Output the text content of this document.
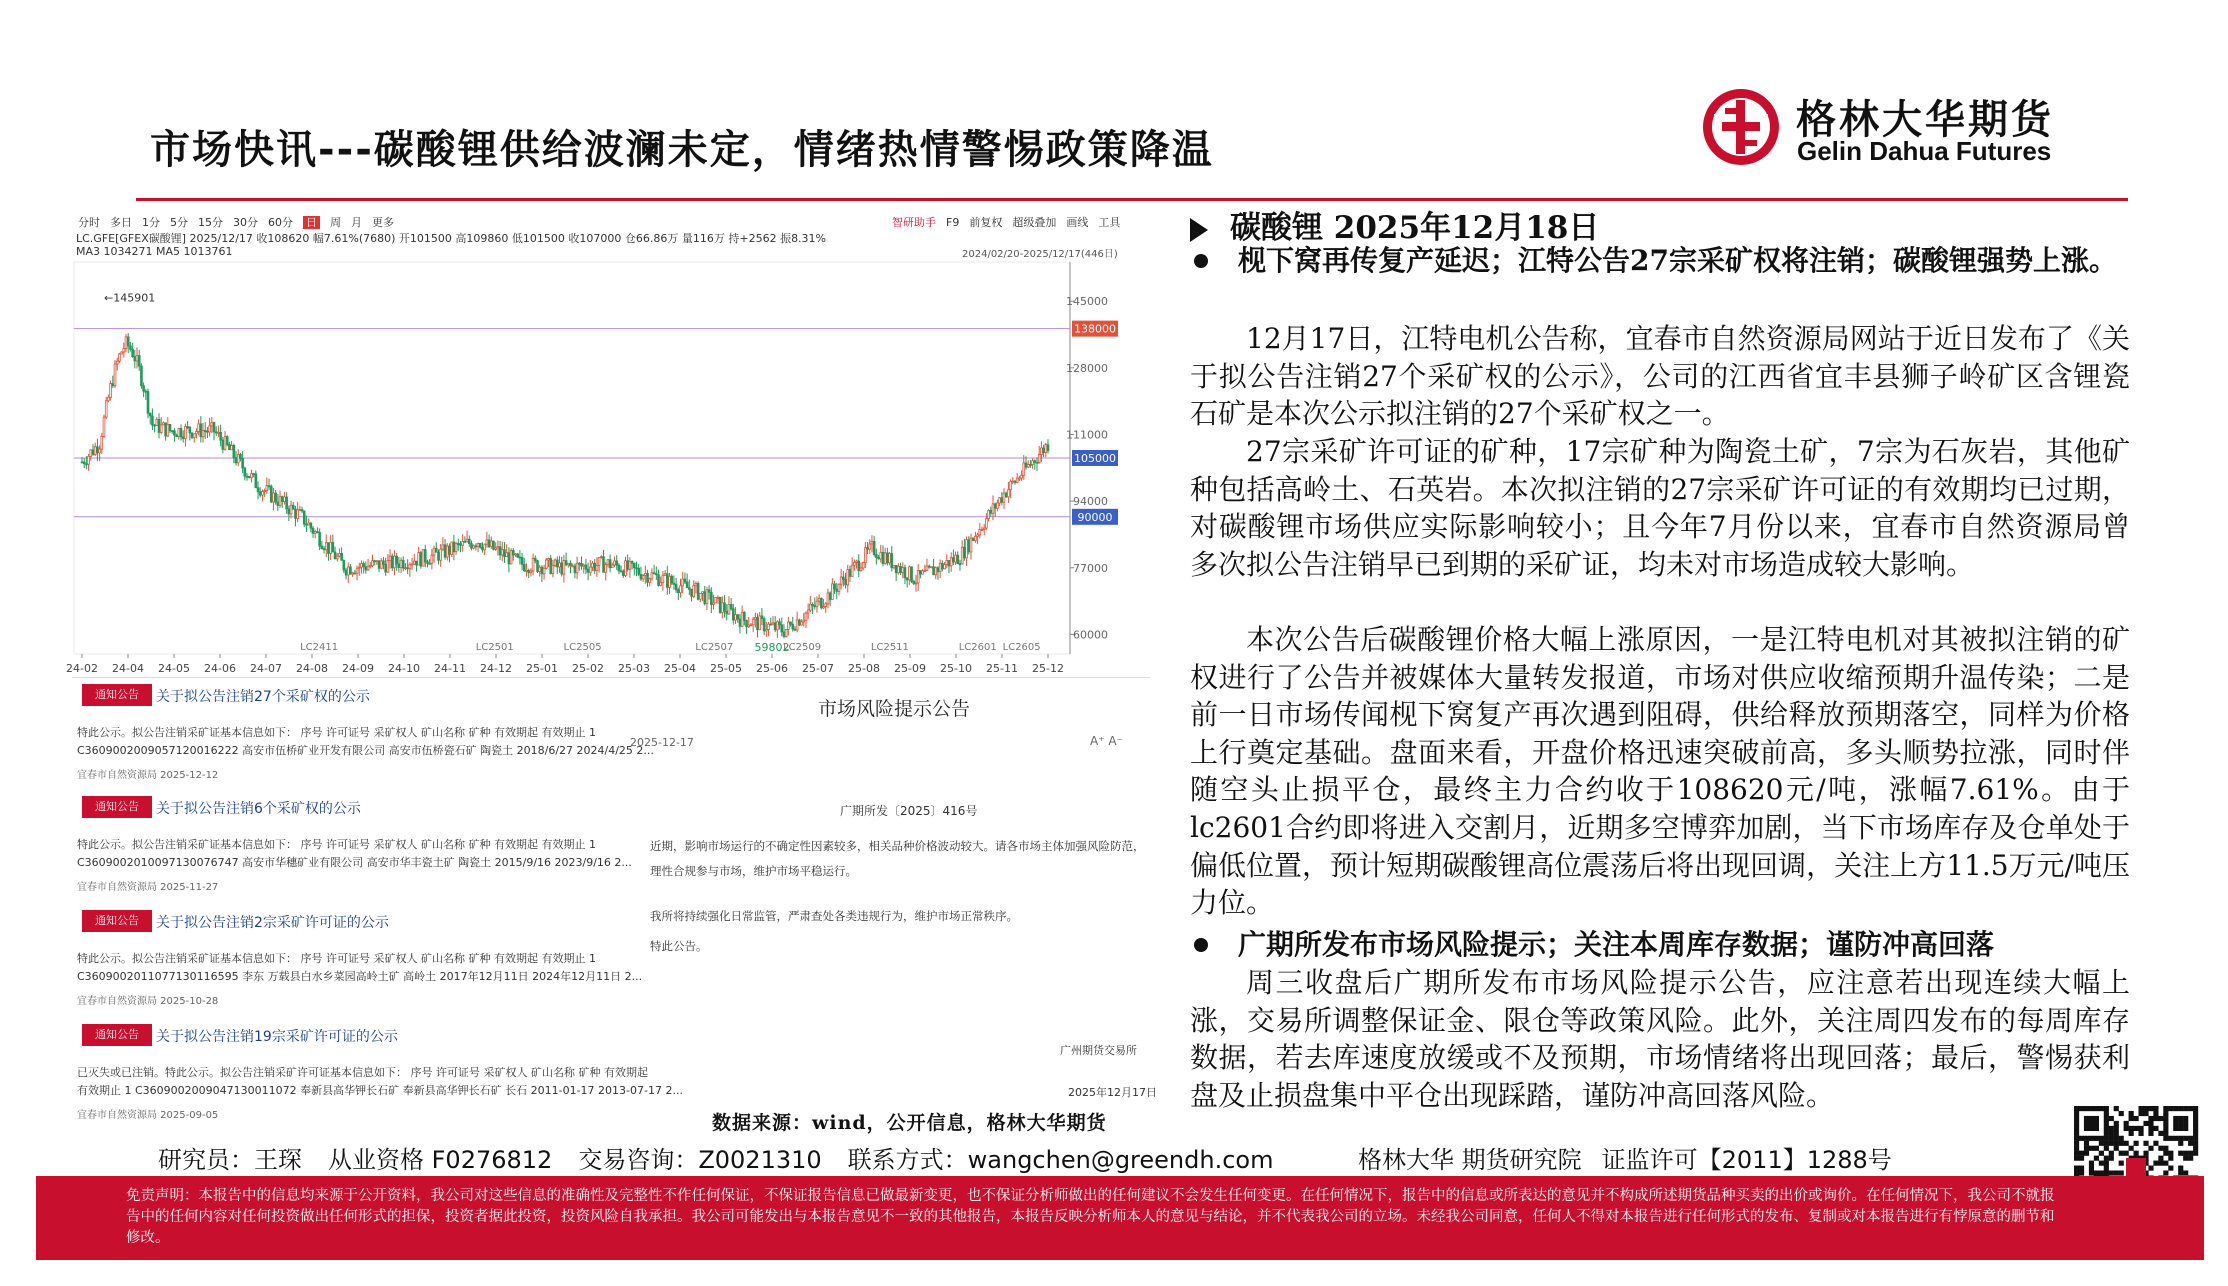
市场快讯---碳酸锂供给波澜未定，情绪热情警惕政策降温
格林大华期货
Gelin Dahua Futures
分时 多日 1分 5分 15分 30分 60分 日 周 月 更多	智研助手 F9 前复权 超级叠加 画线 工具
LC.GFE[GFEX碳酸锂] 2025/12/17 收108620 幅7.61%(7680) 开101500 高109860 低101500 收107000 仓66.86万 量116万 持+2562 振8.31%
MA3 1034271 MA5 1013761	2024/02/20-2025/12/17(446日)
60000
77000
94000
111000
128000
145000
138000
105000
90000
24-02 24-04 24-05 24-06 24-07 24-08 24-09 24-10 24-11 24-12 25-01 25-02 25-03 25-04 25-05 25-06 25-07 25-08 25-09 25-10 25-11 25-12
←145901
59802
LC2411	LC2501	LC2505	LC2507	LC2509	LC2511	LC2601 LC2605
通知公告	关于拟公告注销27个采矿权的公示
特此公示。拟公告注销采矿证基本信息如下： 序号 许可证号 采矿权人 矿山名称 矿种 有效期起 有效期止 1
C3609002009057120016222 高安市伍桥矿业开发有限公司 高安市伍桥瓷石矿 陶瓷土 2018/6/27 2024/4/25 2...
宜春市自然资源局 2025-12-12
通知公告	关于拟公告注销6个采矿权的公示
特此公示。拟公告注销采矿证基本信息如下： 序号 许可证号 采矿权人 矿山名称 矿种 有效期起 有效期止 1
C3609002010097130076747 高安市华穗矿业有限公司 高安市华丰瓷土矿 陶瓷土 2015/9/16 2023/9/16 2...
宜春市自然资源局 2025-11-27
通知公告	关于拟公告注销2宗采矿许可证的公示
特此公示。拟公告注销采矿证基本信息如下： 序号 许可证号 采矿权人 矿山名称 矿种 有效期起 有效期止 1
C3609002011077130116595 李东 万载县白水乡菜园高岭土矿 高岭土 2017年12月11日 2024年12月11日 2...
宜春市自然资源局 2025-10-28
通知公告	关于拟公告注销19宗采矿许可证的公示
已灭失或已注销。特此公示。拟公告注销采矿许可证基本信息如下： 序号 许可证号 采矿权人 矿山名称 矿种 有效期起
有效期止 1 C3609002009047130011072 奉新县高华钾长石矿 奉新县高华钾长石矿 长石 2011-01-17 2013-07-17 2...
宜春市自然资源局 2025-09-05
市场风险提示公告
2025-12-17	A⁺ A⁻
广期所发〔2025〕416号
近期，影响市场运行的不确定性因素较多，相关品种价格波动较大。请各市场主体加强风险防范，理性合规参与市场，维护市场平稳运行。
我所将持续强化日常监管，严肃查处各类违规行为，维护市场正常秩序。
特此公告。
广州期货交易所
2025年12月17日
数据来源：wind，公开信息，格林大华期货
碳酸锂 2025年12月18日
枧下窝再传复产延迟；江特公告27宗采矿权将注销；碳酸锂强势上涨。
12月17日，江特电机公告称，宜春市自然资源局网站于近日发布了《关于拟公告注销27个采矿权的公示》，公司的江西省宜丰县狮子岭矿区含锂瓷石矿是本次公示拟注销的27个采矿权之一。
27宗采矿许可证的矿种，17宗矿种为陶瓷土矿，7宗为石灰岩，其他矿种包括高岭土、石英岩。本次拟注销的27宗采矿许可证的有效期均已过期，对碳酸锂市场供应实际影响较小；且今年7月份以来，宜春市自然资源局曾多次拟公告注销早已到期的采矿证，均未对市场造成较大影响。
本次公告后碳酸锂价格大幅上涨原因，一是江特电机对其被拟注销的矿权进行了公告并被媒体大量转发报道，市场对供应收缩预期升温传染；二是前一日市场传闻枧下窝复产再次遇到阻碍，供给释放预期落空，同样为价格上行奠定基础。盘面来看，开盘价格迅速突破前高，多头顺势拉涨，同时伴随空头止损平仓，最终主力合约收于108620元/吨，涨幅7.61%。由于lc2601合约即将进入交割月，近期多空博弈加剧，当下市场库存及仓单处于偏低位置，预计短期碳酸锂高位震荡后将出现回调，关注上方11.5万元/吨压力位。
广期所发布市场风险提示；关注本周库存数据；谨防冲高回落
周三收盘后广期所发布市场风险提示公告，应注意若出现连续大幅上涨，交易所调整保证金、限仓等政策风险。此外，关注周四发布的每周库存数据，若去库速度放缓或不及预期，市场情绪将出现回落；最后，警惕获利盘及止损盘集中平仓出现踩踏，谨防冲高回落风险。
研究员：王琛 从业资格 F0276812 交易咨询：Z0021310 联系方式：wangchen@greendh.com	格林大华 期货研究院 证监许可【2011】1288号
免责声明：本报告中的信息均来源于公开资料，我公司对这些信息的准确性及完整性不作任何保证，不保证报告信息已做最新变更，也不保证分析师做出的任何建议不会发生任何变更。在任何情况下，报告中的信息或所表达的意见并不构成所述期货品种买卖的出价或询价。在任何情况下，我公司不就报告中的任何内容对任何投资做出任何形式的担保，投资者据此投资，投资风险自我承担。我公司可能发出与本报告意见不一致的其他报告，本报告反映分析师本人的意见与结论，并不代表我公司的立场。未经我公司同意，任何人不得对本报告进行任何形式的发布、复制或对本报告进行有悖原意的删节和修改。
